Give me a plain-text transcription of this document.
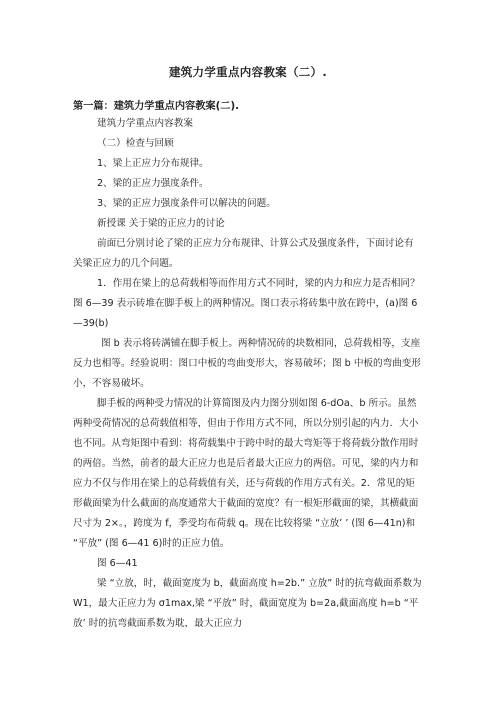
建筑力学重点内容教案（二）.
第一篇：建筑力学重点内容教案(二).

建筑力学重点内容教案

（二）检查与回顾

1、梁上正应力分布规律。

2、梁的正应力强度条件。

3、梁的正应力强度条件可以解决的问题。

新授课 关于梁的正应力的讨论

前面已分别讨论了梁的正应力分布规律、计算公式及强度条件，下面讨论有关梁正应力的几个问题。

1．作用在梁上的总荷载相等而作用方式不同时，梁的内力和应力是否相同？图 6—39 表示砖堆在脚手板上的两种情况。图口表示将砖集中放在跨中，(a)图 6—39(b)

图 b 表示将砖满铺在脚手板上。两种情况砖的块数相同，总荷载相等，支座反力也相等。经验说明：图口中板的弯曲变形大，容易破坏；图 b 中板的弯曲变形小，不容易破坏。

脚手板的两种受力情况的计算简图及内力图分别如图 6-dOa、b 所示。虽然两种受荷情况的总荷载值相等，但由于作用方式不同，所以分别引起的内力．大小也不同。从弯矩图中看到：将荷载集中于跨中时的最大弯矩等于将荷载分散作用时的两倍。当然，前者的最大正应力也是后者最大正应力的两倍。可见，梁的内力和应力不仅与作用在梁上的总荷载值有关，还与荷载的作用方式有关。2．常见的矩形截面梁为什么截面的高度通常大于截面的宽度？有一根矩形截面的梁，其横截面尺寸为 2×。，跨度为 f，季受均布荷载 q。现在比较将梁 “立放’ ’ (图 6—41n)和 “平放” (图 6—41 6)时的正应力值。

图 6—41

梁 “立放，时，截面宽度为 b，截面高度 h=2b.” 立放” 时的抗弯截面系数为 W1，最大正应力为 σ1max,梁 “平放” 时，截面宽度为 b=2a,截面高度 h=b “平放’ 时的抗弯截面系数为耽，最大正应力
